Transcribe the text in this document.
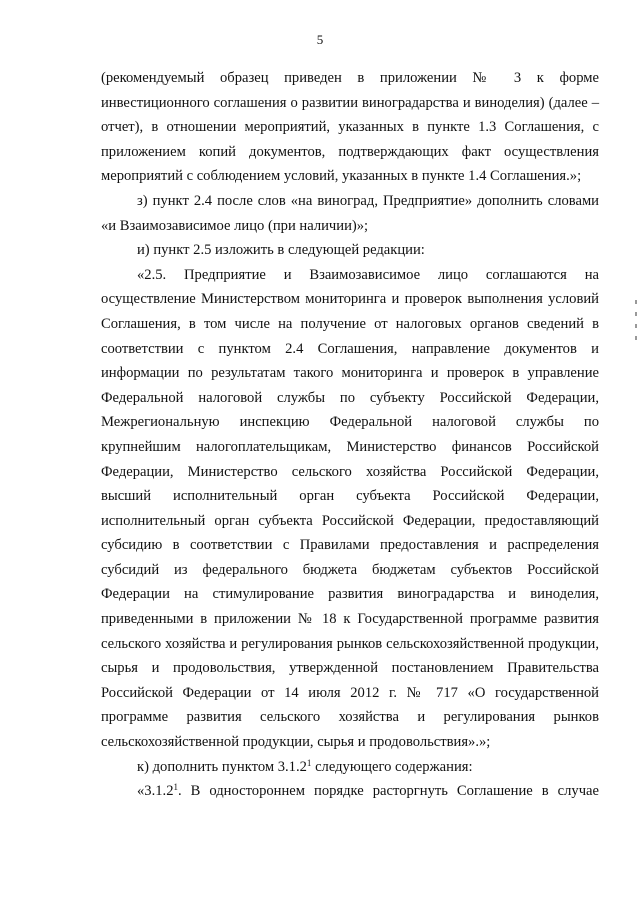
5

(рекомендуемый образец приведен в приложении № 3 к форме инвестиционного соглашения о развитии виноградарства и виноделия) (далее – отчет), в отношении мероприятий, указанных в пункте 1.3 Соглашения, с приложением копий документов, подтверждающих факт осуществления мероприятий с соблюдением условий, указанных в пункте 1.4 Соглашения.»;

з) пункт 2.4 после слов «на виноград, Предприятие» дополнить словами «и Взаимозависимое лицо (при наличии)»;

и) пункт 2.5 изложить в следующей редакции:

«2.5. Предприятие и Взаимозависимое лицо соглашаются на осуществление Министерством мониторинга и проверок выполнения условий Соглашения, в том числе на получение от налоговых органов сведений в соответствии с пунктом 2.4 Соглашения, направление документов и информации по результатам такого мониторинга и проверок в управление Федеральной налоговой службы по субъекту Российской Федерации, Межрегиональную инспекцию Федеральной налоговой службы по крупнейшим налогоплательщикам, Министерство финансов Российской Федерации, Министерство сельского хозяйства Российской Федерации, высший исполнительный орган субъекта Российской Федерации, исполнительный орган субъекта Российской Федерации, предоставляющий субсидию в соответствии с Правилами предоставления и распределения субсидий из федерального бюджета бюджетам субъектов Российской Федерации на стимулирование развития виноградарства и виноделия, приведенными в приложении № 18 к Государственной программе развития сельского хозяйства и регулирования рынков сельскохозяйственной продукции, сырья и продовольствия, утвержденной постановлением Правительства Российской Федерации от 14 июля 2012 г. № 717 «О государственной программе развития сельского хозяйства и регулирования рынков сельскохозяйственной продукции, сырья и продовольствия».»;

к) дополнить пунктом 3.1.2$^1$ следующего содержания:

«3.1.2$^1$. В одностороннем порядке расторгнуть Соглашение в случае
